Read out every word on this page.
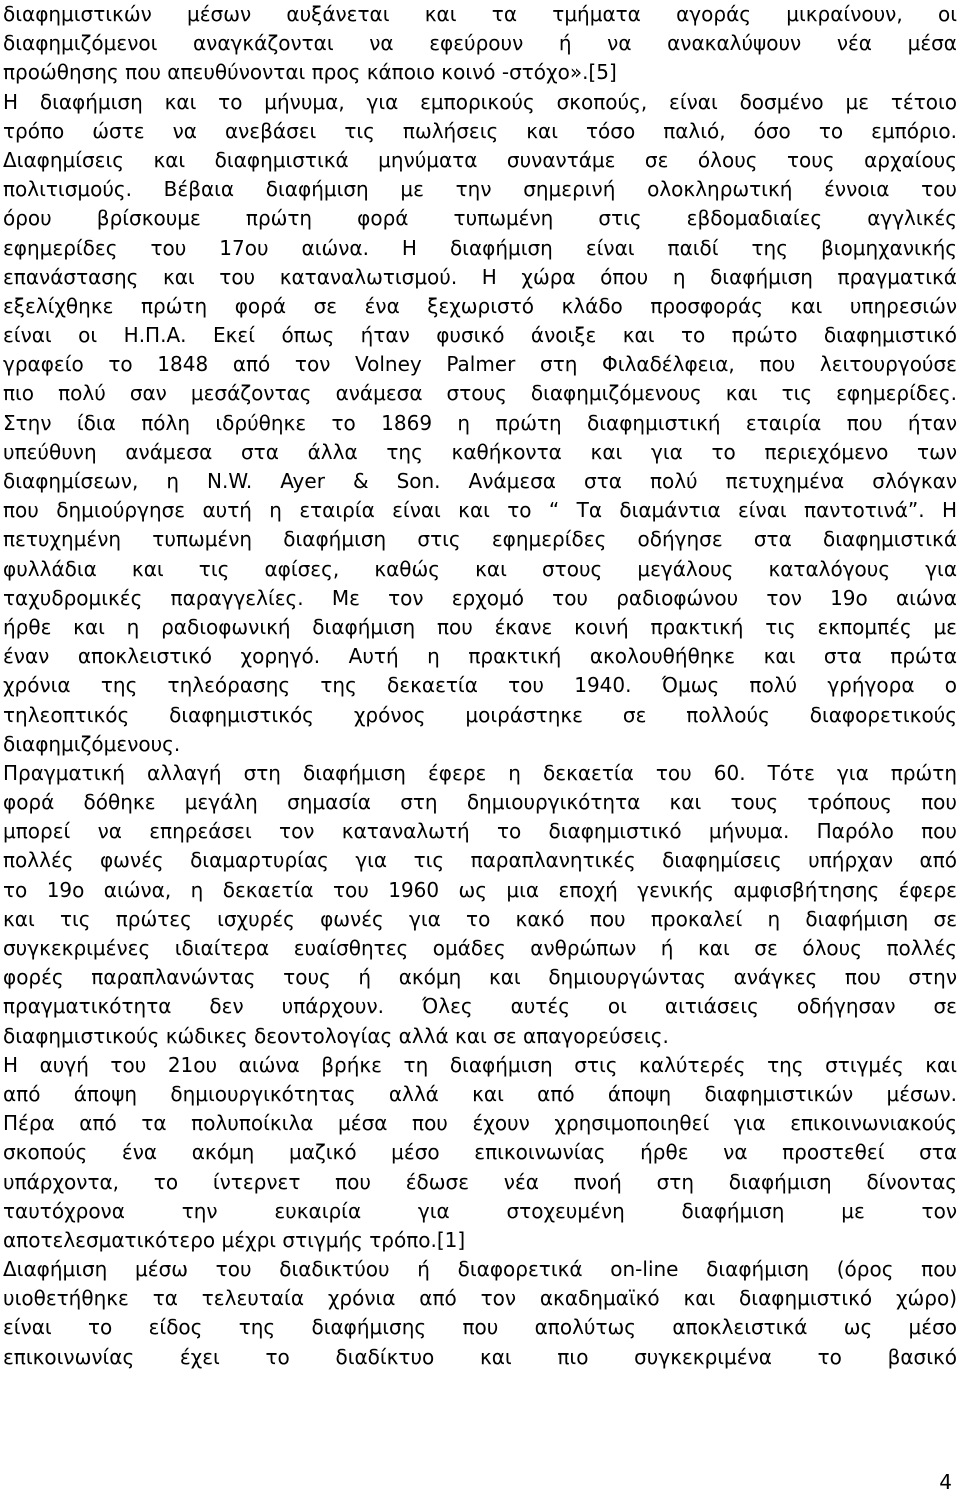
διαφημιστικών μέσων αυξάνεται και τα τμήματα αγοράς μικραίνουν, οι
διαφημιζόμενοι αναγκάζονται να εφεύρουν ή να ανακαλύψουν νέα μέσα
προώθησης που απευθύνονται προς κάποιο κοινό -στόχο».[5]
Η διαφήμιση και το μήνυμα, για εμπορικούς σκοπούς, είναι δοσμένο με τέτοιο
τρόπο ώστε να ανεβάσει τις πωλήσεις και τόσο παλιό, όσο το εμπόριο.
Διαφημίσεις και διαφημιστικά μηνύματα συναντάμε σε όλους τους αρχαίους
πολιτισμούς. Βέβαια διαφήμιση με την σημερινή ολοκληρωτική έννοια του
όρου βρίσκουμε πρώτη φορά τυπωμένη στις εβδομαδιαίες αγγλικές
εφημερίδες του 17ου αιώνα. Η διαφήμιση είναι παιδί της βιομηχανικής
επανάστασης και του καταναλωτισμού. Η χώρα όπου η διαφήμιση πραγματικά
εξελίχθηκε πρώτη φορά σε ένα ξεχωριστό κλάδο προσφοράς και υπηρεσιών
είναι οι Η.Π.Α. Εκεί όπως ήταν φυσικό άνοιξε και το πρώτο διαφημιστικό
γραφείο το 1848 από τον Volney Palmer στη Φιλαδέλφεια, που λειτουργούσε
πιο πολύ σαν μεσάζοντας ανάμεσα στους διαφημιζόμενους και τις εφημερίδες.
Στην ίδια πόλη ιδρύθηκε το 1869 η πρώτη διαφημιστική εταιρία που ήταν
υπεύθυνη ανάμεσα στα άλλα της καθήκοντα και για το περιεχόμενο των
διαφημίσεων, η N.W. Ayer & Son. Ανάμεσα στα πολύ πετυχημένα σλόγκαν
που δημιούργησε αυτή η εταιρία είναι και το “ Τα διαμάντια είναι παντοτινά”. Η
πετυχημένη τυπωμένη διαφήμιση στις εφημερίδες οδήγησε στα διαφημιστικά
φυλλάδια και τις αφίσες, καθώς και στους μεγάλους καταλόγους για
ταχυδρομικές παραγγελίες. Με τον ερχομό του ραδιοφώνου τον 19ο αιώνα
ήρθε και η ραδιοφωνική διαφήμιση που έκανε κοινή πρακτική τις εκπομπές με
έναν αποκλειστικό χορηγό. Αυτή η πρακτική ακολουθήθηκε και στα πρώτα
χρόνια της τηλεόρασης της δεκαετία του 1940. Όμως πολύ γρήγορα ο
τηλεοπτικός διαφημιστικός χρόνος μοιράστηκε σε πολλούς διαφορετικούς
διαφημιζόμενους.
Πραγματική αλλαγή στη διαφήμιση έφερε η δεκαετία του 60. Τότε για πρώτη
φορά δόθηκε μεγάλη σημασία στη δημιουργικότητα και τους τρόπους που
μπορεί να επηρεάσει τον καταναλωτή το διαφημιστικό μήνυμα. Παρόλο που
πολλές φωνές διαμαρτυρίας για τις παραπλανητικές διαφημίσεις υπήρχαν από
το 19ο αιώνα, η δεκαετία του 1960 ως μια εποχή γενικής αμφισβήτησης έφερε
και τις πρώτες ισχυρές φωνές για το κακό που προκαλεί η διαφήμιση σε
συγκεκριμένες ιδιαίτερα ευαίσθητες ομάδες ανθρώπων ή και σε όλους πολλές
φορές παραπλανώντας τους ή ακόμη και δημιουργώντας ανάγκες που στην
πραγματικότητα δεν υπάρχουν. Όλες αυτές οι αιτιάσεις οδήγησαν σε
διαφημιστικούς κώδικες δεοντολογίας αλλά και σε απαγορεύσεις.
Η αυγή του 21ου αιώνα βρήκε τη διαφήμιση στις καλύτερές της στιγμές και
από άποψη δημιουργικότητας αλλά και από άποψη διαφημιστικών μέσων.
Πέρα από τα πολυποίκιλα μέσα που έχουν χρησιμοποιηθεί για επικοινωνιακούς
σκοπούς ένα ακόμη μαζικό μέσο επικοινωνίας ήρθε να προστεθεί στα
υπάρχοντα, το ίντερνετ που έδωσε νέα πνοή στη διαφήμιση δίνοντας
ταυτόχρονα την ευκαιρία για στοχευμένη διαφήμιση με τον
αποτελεσματικότερο μέχρι στιγμής τρόπο.[1]
Διαφήμιση μέσω του διαδικτύου ή διαφορετικά on-line διαφήμιση (όρος που
υιοθετήθηκε τα τελευταία χρόνια από τον ακαδημαϊκό και διαφημιστικό χώρο)
είναι το είδος της διαφήμισης που απολύτως αποκλειστικά ως μέσο
επικοινωνίας έχει το διαδίκτυο και πιο συγκεκριμένα το βασικό
4
